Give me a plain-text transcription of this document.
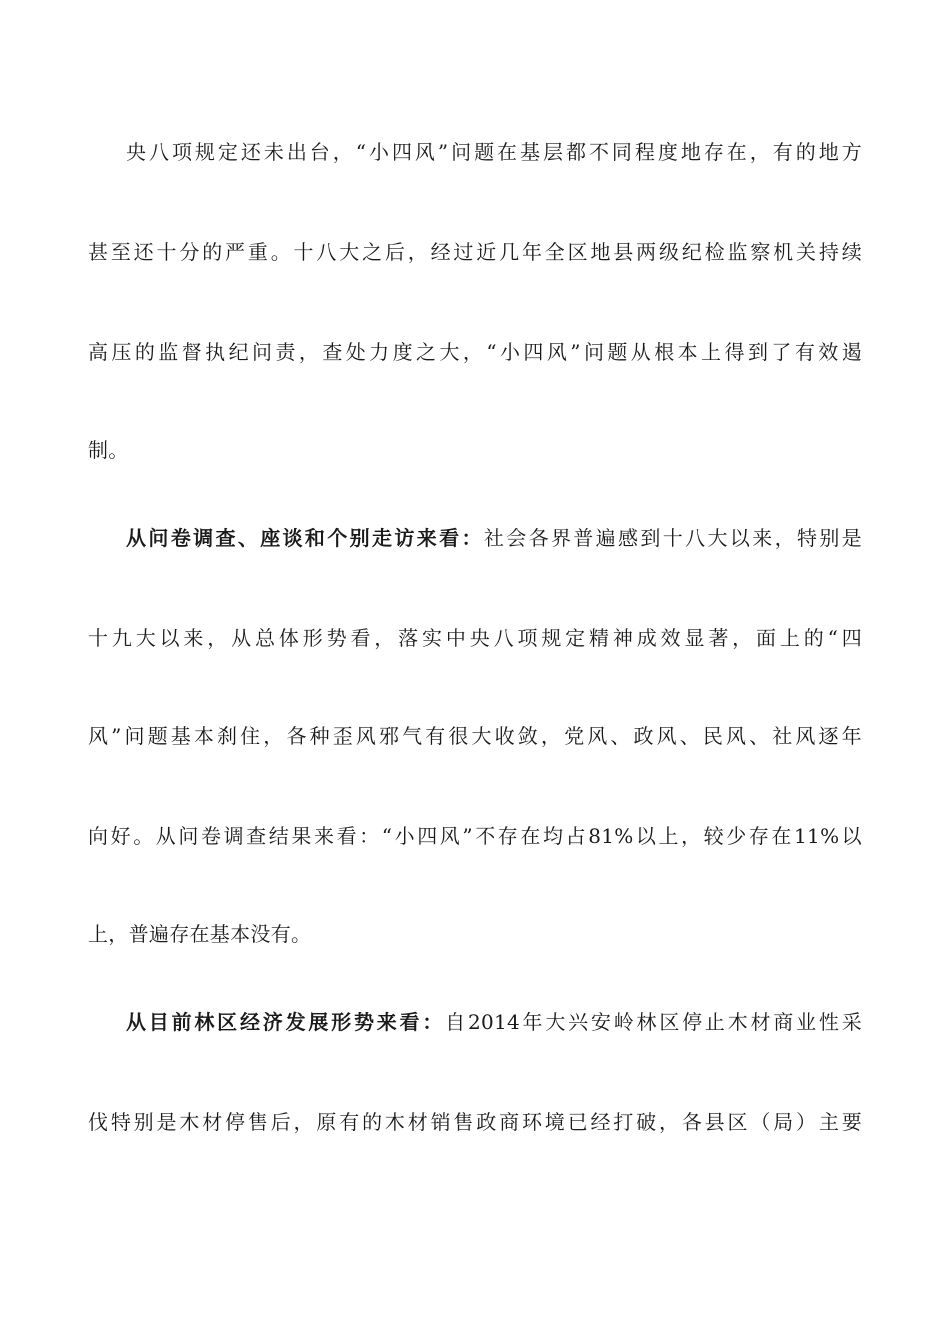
央八项规定还未出台，“小四风”问题在基层都不同程度地存在，有的地方
甚至还十分的严重。十八大之后，经过近几年全区地县两级纪检监察机关持续
高压的监督执纪问责，查处力度之大，“小四风”问题从根本上得到了有效遏
制。
从问卷调查、座谈和个别走访来看：社会各界普遍感到十八大以来，特别是
十九大以来，从总体形势看，落实中央八项规定精神成效显著，面上的“四
风”问题基本刹住，各种歪风邪气有很大收敛，党风、政风、民风、社风逐年
向好。从问卷调查结果来看：“小四风”不存在均占81%以上，较少存在11%以
上，普遍存在基本没有。
从目前林区经济发展形势来看：自2014年大兴安岭林区停止木材商业性采
伐特别是木材停售后，原有的木材销售政商环境已经打破，各县区（局）主要
